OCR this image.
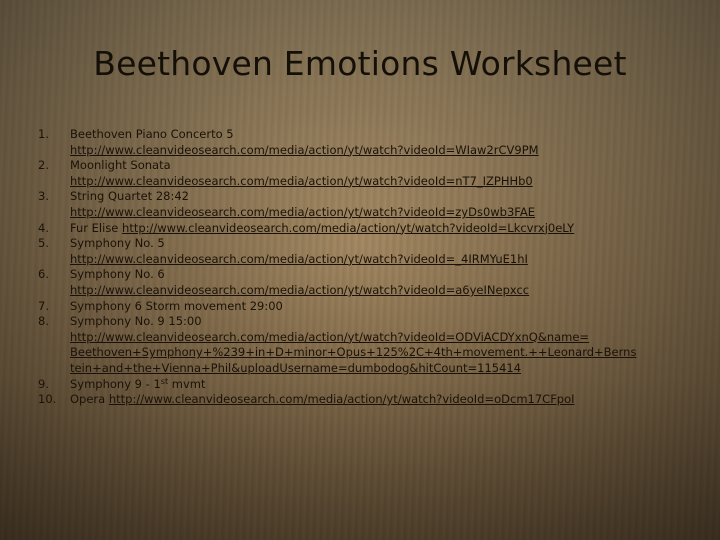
Beethoven Emotions Worksheet
1.	Beethoven Piano Concerto 5
http://www.cleanvideosearch.com/media/action/yt/watch?videoId=WIaw2rCV9PM
2.	Moonlight Sonata
http://www.cleanvideosearch.com/media/action/yt/watch?videoId=nT7_IZPHHb0
3.	String Quartet 28:42
http://www.cleanvideosearch.com/media/action/yt/watch?videoId=zyDs0wb3FAE
4.	Fur Elise http://www.cleanvideosearch.com/media/action/yt/watch?videoId=Lkcvrxj0eLY
5.	Symphony No. 5
http://www.cleanvideosearch.com/media/action/yt/watch?videoId=_4IRMYuE1hI
6.	Symphony No. 6
http://www.cleanvideosearch.com/media/action/yt/watch?videoId=a6yeINepxcc
7.	Symphony 6 Storm movement 29:00
8.	Symphony No. 9 15:00
http://www.cleanvideosearch.com/media/action/yt/watch?videoId=ODViACDYxnQ&name=
Beethoven+Symphony+%239+in+D+minor+Opus+125%2C+4th+movement.++Leonard+Berns
tein+and+the+Vienna+Phil&uploadUsername=dumbodog&hitCount=115414
9.	Symphony 9 - 1st mvmt
10.	Opera http://www.cleanvideosearch.com/media/action/yt/watch?videoId=oDcm17CFpoI
